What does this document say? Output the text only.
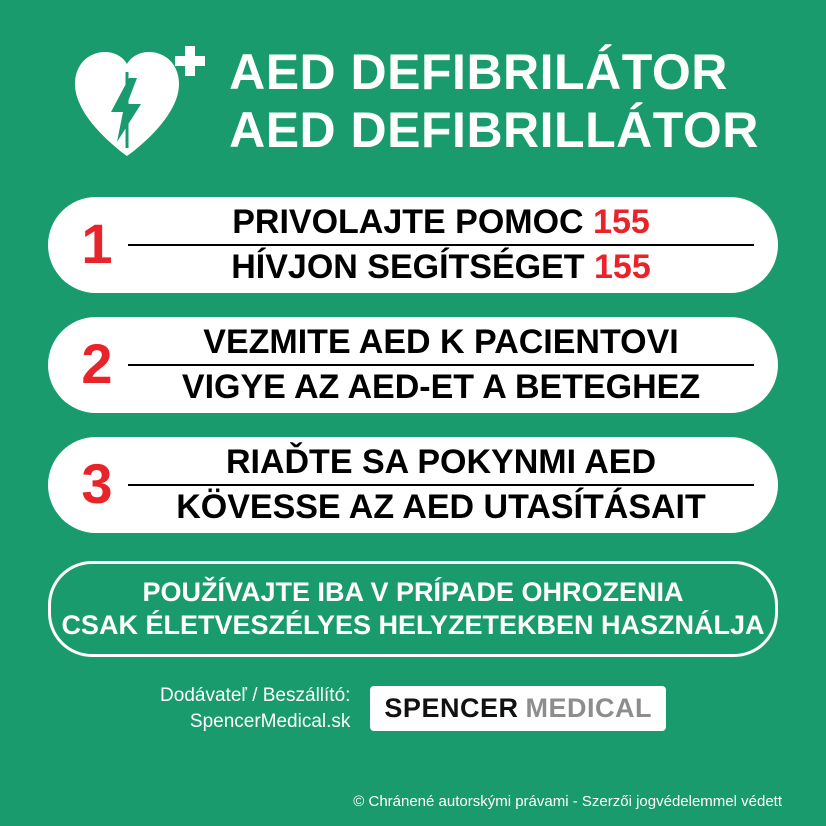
AED DEFIBRILÁTOR
AED DEFIBRILLÁTOR
1	PRIVOLAJTE POMOC 155
HÍVJON SEGÍTSÉGET 155
2	VEZMITE AED K PACIENTOVI
VIGYE AZ AED-ET A BETEGHEZ
3	RIAĎTE SA POKYNMI AED
KÖVESSE AZ AED UTASÍTÁSAIT
POUŽÍVAJTE IBA V PRÍPADE OHROZENIA
CSAK ÉLETVESZÉLYES HELYZETEKBEN HASZNÁLJA
Dodávateľ / Beszállító:
SpencerMedical.sk SPENCER MEDICAL
© Chránené autorskými právami - Szerzői jogvédelemmel védett
